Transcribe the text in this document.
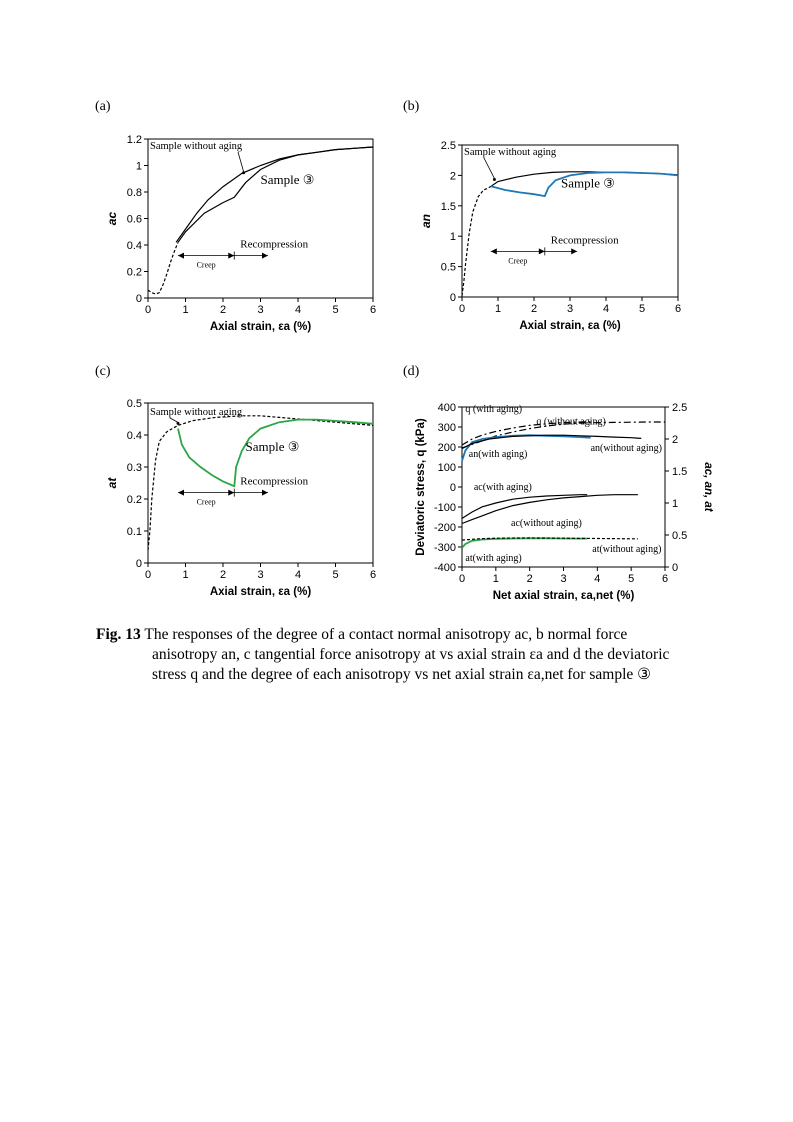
(a)	(b)
(c)	(d)
0	1	2	3	4	5	6
0
0.2
0.4
0.6
0.8
1
1.2
Axial strain, εa (%)
ac
Creep
Recompression
Sample without aging
Sample ③
0	1	2	3	4	5	6
0
0.5
1
1.5
2
2.5
Axial strain, εa (%)
an
Creep
Recompression
Sample without aging
Sample ③
0	1	2	3	4	5	6
0
0.1
0.2
0.3
0.4
0.5
Axial strain, εa (%)
at
Creep
Recompression
Sample without aging
Sample ③
0	1	2	3	4	5	6
-400
-300
-200
-100
0
100
200
300
400
0
0.5
1
1.5
2
2.5
Net axial strain, εa,net (%)
Deviatoric stress, q (kPa)	ac, an, at
q (with aging)
q (without aging)
an(with aging)
an(without aging)
ac(with aging)
ac(without aging)
at(with aging)
at(without aging)
Fig. 13 The responses of the degree of a contact normal anisotropy ac, b normal force
anisotropy an, c tangential force anisotropy at vs axial strain εa and d the deviatoric
stress q and the degree of each anisotropy vs net axial strain εa,net for sample ③
